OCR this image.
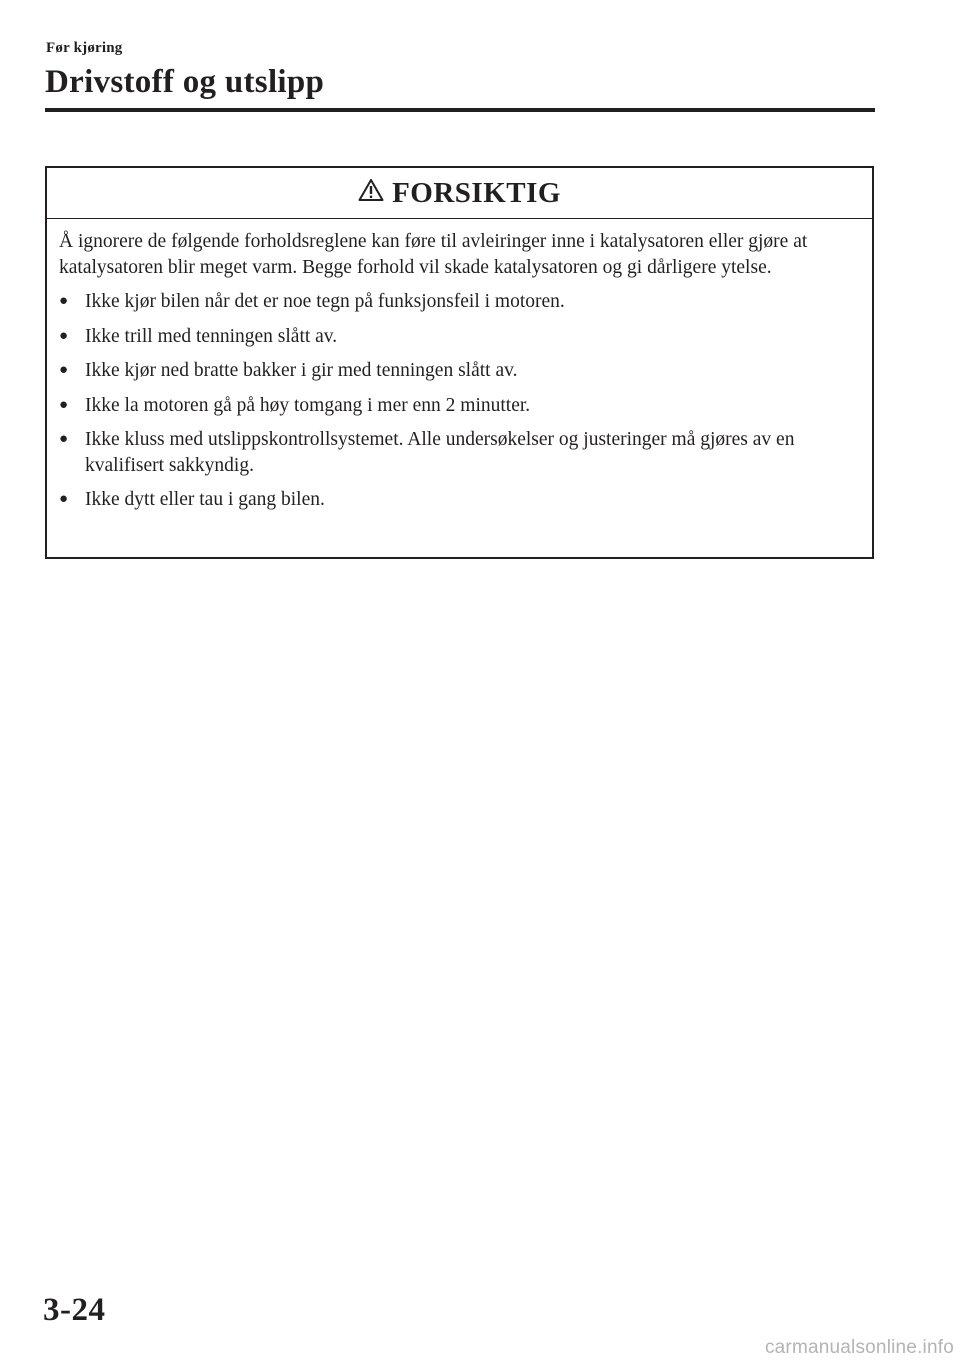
Før kjøring
Drivstoff og utslipp
FORSIKTIG

Å ignorere de følgende forholdsreglene kan føre til avleiringer inne i katalysatoren eller gjøre at katalysatoren blir meget varm. Begge forhold vil skade katalysatoren og gi dårligere ytelse.

● Ikke kjør bilen når det er noe tegn på funksjonsfeil i motoren.
● Ikke trill med tenningen slått av.
● Ikke kjør ned bratte bakker i gir med tenningen slått av.
● Ikke la motoren gå på høy tomgang i mer enn 2 minutter.
● Ikke kluss med utslippskontrollsystemet. Alle undersøkelser og justeringer må gjøres av en kvalifisert sakkyndig.
● Ikke dytt eller tau i gang bilen.
3-24
carmanualsonline.info
